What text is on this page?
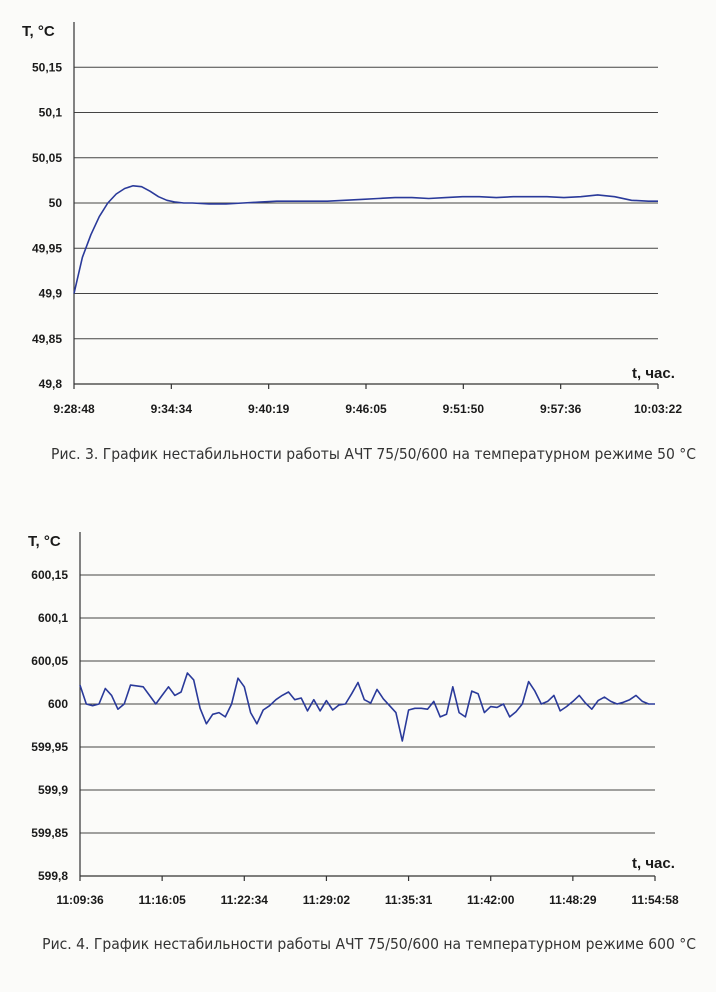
49,8
49,85
49,9
49,95
50
50,05
50,1
50,15
9:28:48	9:34:34	9:40:19	9:46:05	9:51:50	9:57:36	10:03:22
T, °C
t, час.
Рис. 3. График нестабильности работы АЧТ 75/50/600 на температурном режиме 50 °С
599,8
599,85
599,9
599,95
600
600,05
600,1
600,15
11:09:36	11:16:05	11:22:34	11:29:02	11:35:31	11:42:00	11:48:29	11:54:58
T, °C
t, час.
Рис. 4. График нестабильности работы АЧТ 75/50/600 на температурном режиме 600 °С
